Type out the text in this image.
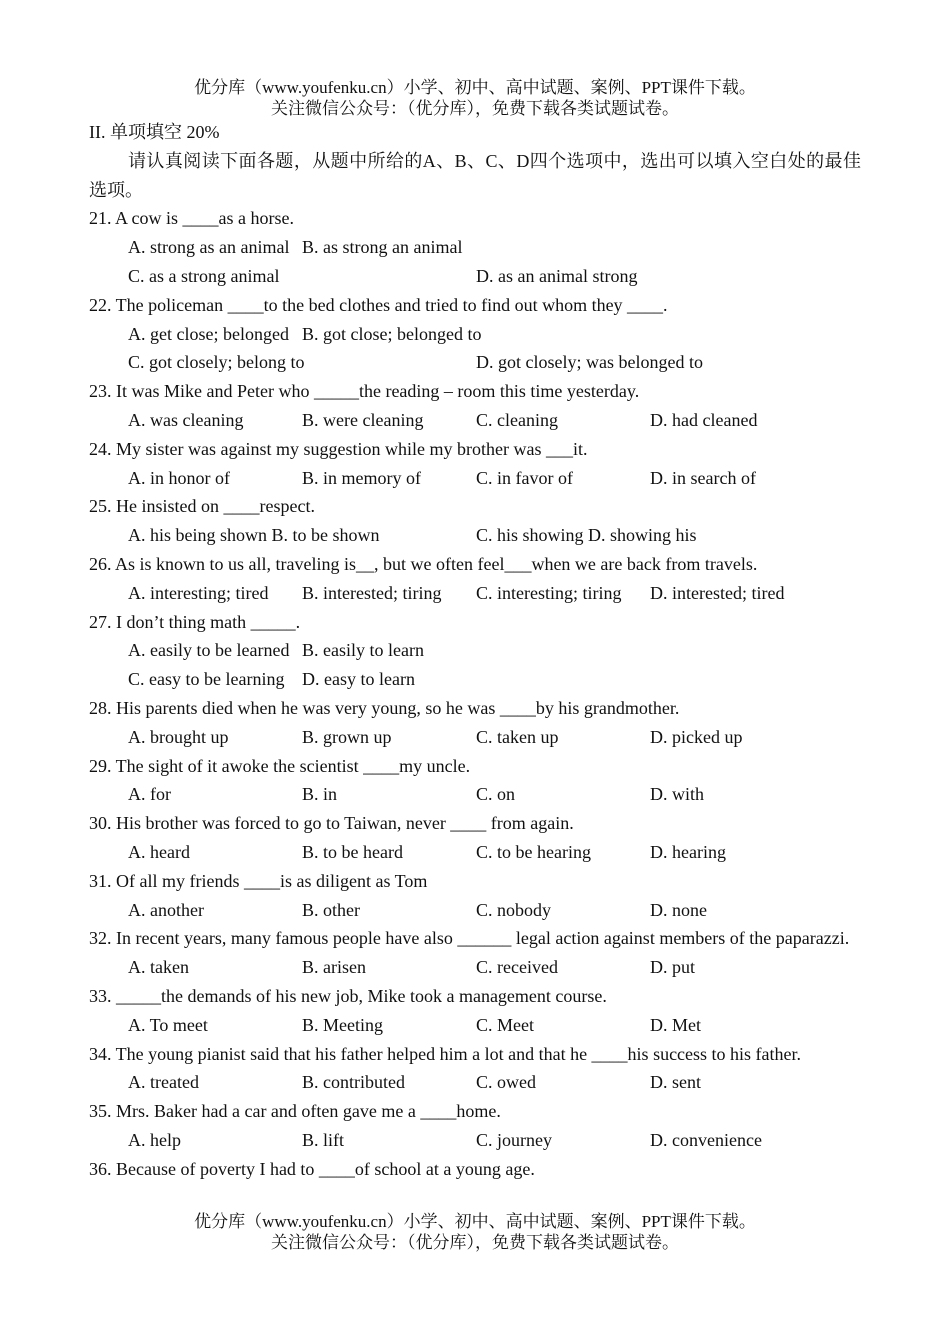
优分库（www.youfenku.cn）小学、初中、高中试题、案例、PPT课件下载。
关注微信公众号：（优分库），免费下载各类试题试卷。
II. 单项填空 20%
请认真阅读下面各题，从题中所给的A、B、C、D四个选项中，选出可以填入空白处的最佳选项。
21. A cow is ____as a horse.
A. strong as an animal B. as strong an animal
C. as a strong animal	D. as an animal strong
22. The policeman ____to the bed clothes and tried to find out whom they ____.
A. get close; belonged B. got close; belonged to
C. got closely; belong to	D. got closely; was belonged to
23. It was Mike and Peter who _____the reading – room this time yesterday.
A. was cleaning	B. were cleaning	C. cleaning	D. had cleaned
24. My sister was against my suggestion while my brother was ___it.
A. in honor of	B. in memory of	C. in favor of	D. in search of
25. He insisted on ____respect.
A. his being shown B. to be shown	C. his showing D. showing his
26. As is known to us all, traveling is__, but we often feel___when we are back from travels.
A. interesting; tired B. interested; tiring C. interesting; tiring D. interested; tired
27. I don’t thing math _____.
A. easily to be learned B. easily to learn
C. easy to be learning D. easy to learn
28. His parents died when he was very young, so he was ____by his grandmother.
A. brought up	B. grown up	C. taken up	D. picked up
29. The sight of it awoke the scientist ____my uncle.
A. for	B. in	C. on	D. with
30. His brother was forced to go to Taiwan, never ____ from again.
A. heard	B. to be heard	C. to be hearing	D. hearing
31. Of all my friends ____is as diligent as Tom
A. another	B. other	C. nobody	D. none
32. In recent years, many famous people have also ______ legal action against members of the paparazzi.
A. taken	B. arisen	C. received	D. put
33. _____the demands of his new job, Mike took a management course.
A. To meet	B. Meeting	C. Meet	D. Met
34. The young pianist said that his father helped him a lot and that he ____his success to his father.
A. treated	B. contributed	C. owed	D. sent
35. Mrs. Baker had a car and often gave me a ____home.
A. help	B. lift	C. journey	D. convenience
36. Because of poverty I had to ____of school at a young age.
优分库（www.youfenku.cn）小学、初中、高中试题、案例、PPT课件下载。
关注微信公众号：（优分库），免费下载各类试题试卷。
